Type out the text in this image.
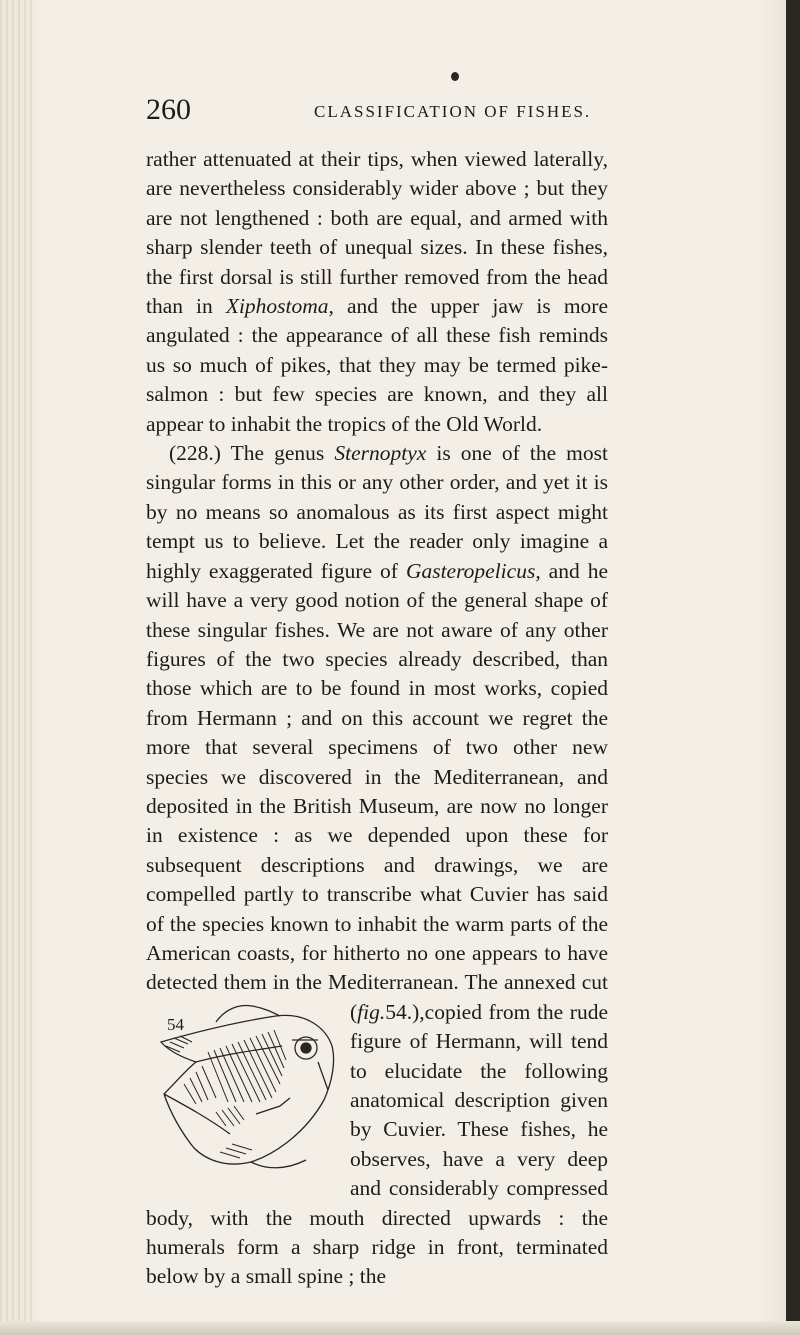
260	CLASSIFICATION OF FISHES.

rather attenuated at their tips, when viewed laterally, are nevertheless considerably wider above ; but they are not lengthened : both are equal, and armed with sharp slender teeth of unequal sizes. In these fishes, the first dorsal is still further removed from the head than in Xiphostoma, and the upper jaw is more angulated : the appearance of all these fish reminds us so much of pikes, that they may be termed pike-salmon : but few species are known, and they all appear to inhabit the tropics of the Old World.

(228.) The genus Sternoptyx is one of the most singular forms in this or any other order, and yet it is by no means so anomalous as its first aspect might tempt us to believe. Let the reader only imagine a highly exaggerated figure of Gasteropelicus, and he will have a very good notion of the general shape of these singular fishes. We are not aware of any other figures of the two species already described, than those which are to be found in most works, copied from Hermann ; and on this account we regret the more that several specimens of two other new species we discovered in the Mediterranean, and deposited in the British Museum, are now no longer in existence : as we depended upon these for subsequent descriptions and drawings, we are compelled partly to transcribe what Cuvier has said of the species known to inhabit the warm parts of the American coasts, for hitherto no one appears to have detected them in the Mediterranean. The annexed cut (
54
fig.54.),copied from the rude figure of Hermann, will tend to elucidate the following anatomical description given by Cuvier. These fishes, he observes, have a very deep and considerably compressed body, with the mouth directed upwards : the humerals form a sharp ridge in front, terminated below by a small spine ; the
